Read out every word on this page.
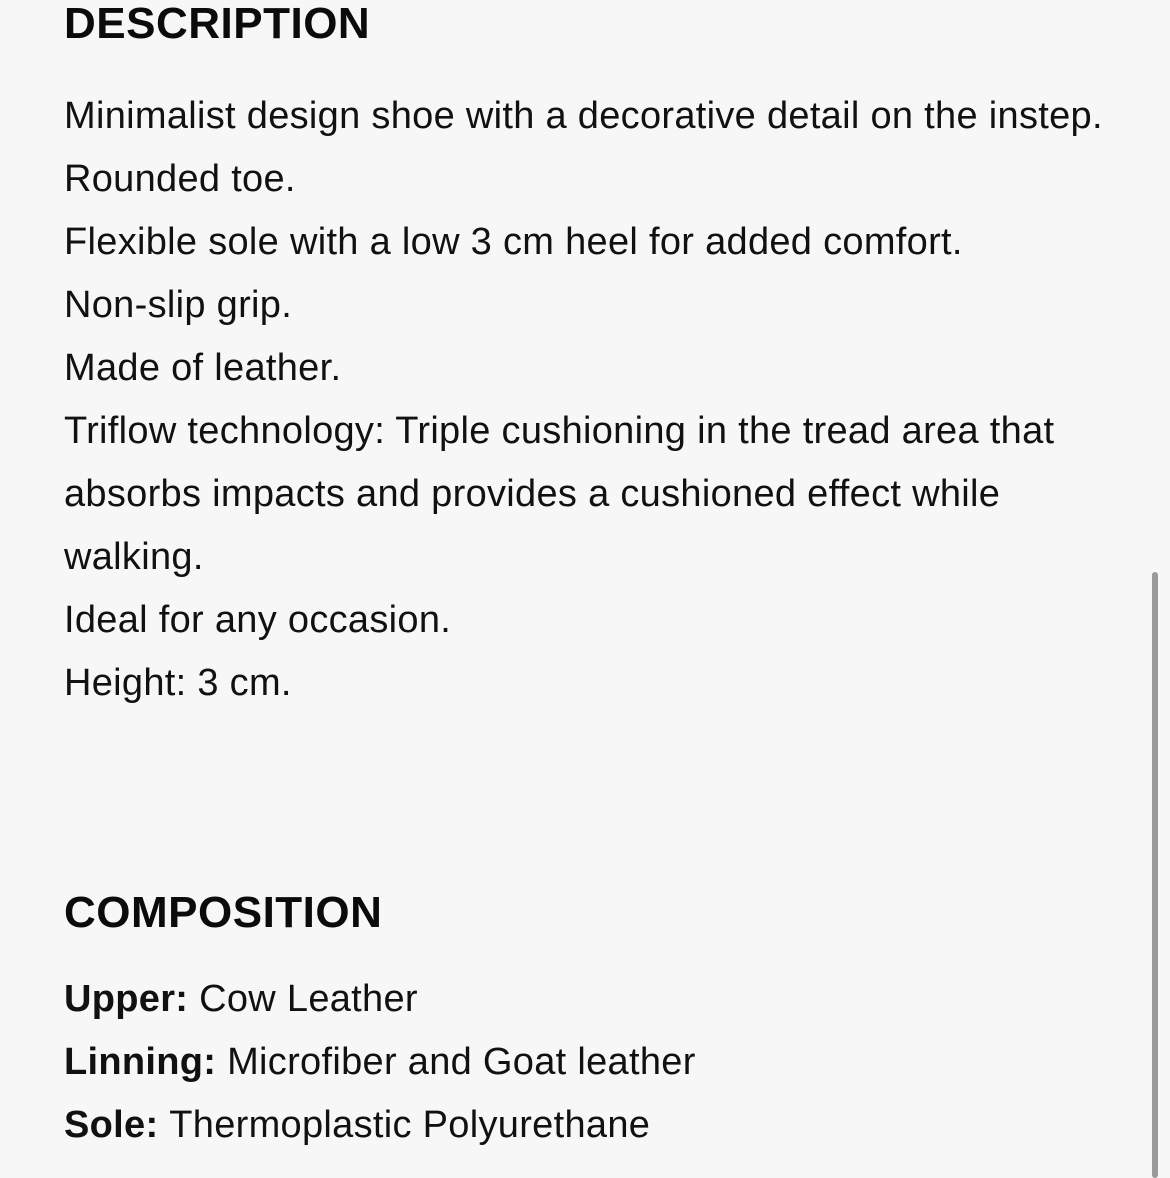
DESCRIPTION
Minimalist design shoe with a decorative detail on the instep.
Rounded toe.
Flexible sole with a low 3 cm heel for added comfort.
Non-slip grip.
Made of leather.
Triflow technology: Triple cushioning in the tread area that absorbs impacts and provides a cushioned effect while walking.
Ideal for any occasion.
Height: 3 cm.
COMPOSITION
Upper: Cow Leather
Linning: Microfiber and Goat leather
Sole: Thermoplastic Polyurethane
